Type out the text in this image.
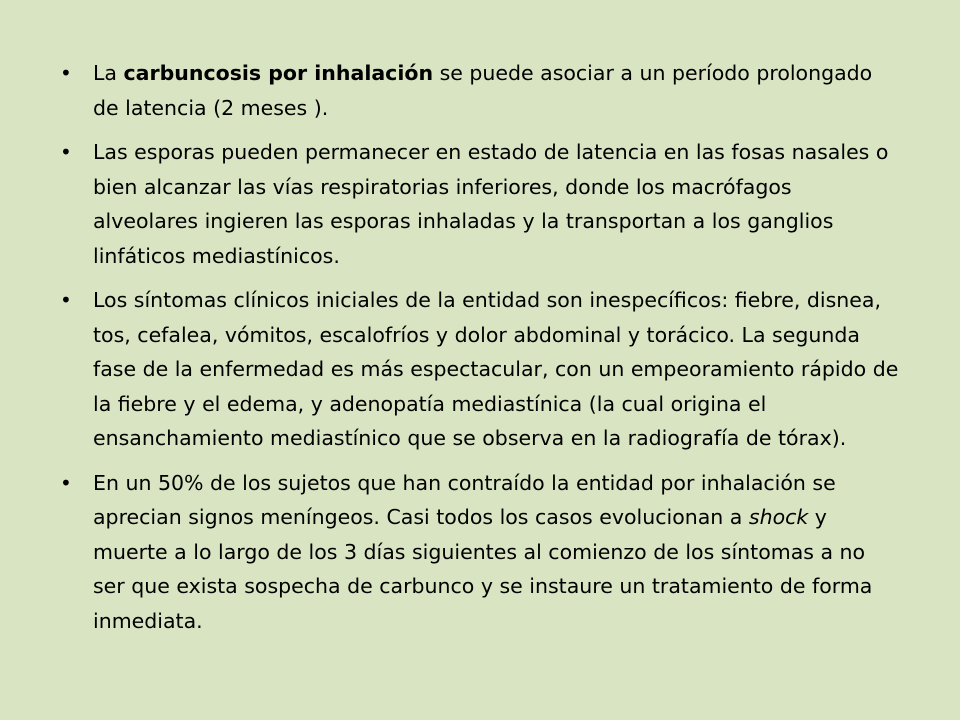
• La carbuncosis por inhalación se puede asociar a un período prolongado de latencia (2 meses ).
• Las esporas pueden permanecer en estado de latencia en las fosas nasales o bien alcanzar las vías respiratorias inferiores, donde los macrófagos alveolares ingieren las esporas inhaladas y la transportan a los ganglios linfáticos mediastínicos.
• Los síntomas clínicos iniciales de la entidad son inespecíficos: fiebre, disnea, tos, cefalea, vómitos, escalofríos y dolor abdominal y torácico. La segunda fase de la enfermedad es más espectacular, con un empeoramiento rápido de la fiebre y el edema, y adenopatía mediastínica (la cual origina el ensanchamiento mediastínico que se observa en la radiografía de tórax).
• En un 50% de los sujetos que han contraído la entidad por inhalación se aprecian signos meníngeos. Casi todos los casos evolucionan a shock y muerte a lo largo de los 3 días siguientes al comienzo de los síntomas a no ser que exista sospecha de carbunco y se instaure un tratamiento de forma inmediata.
